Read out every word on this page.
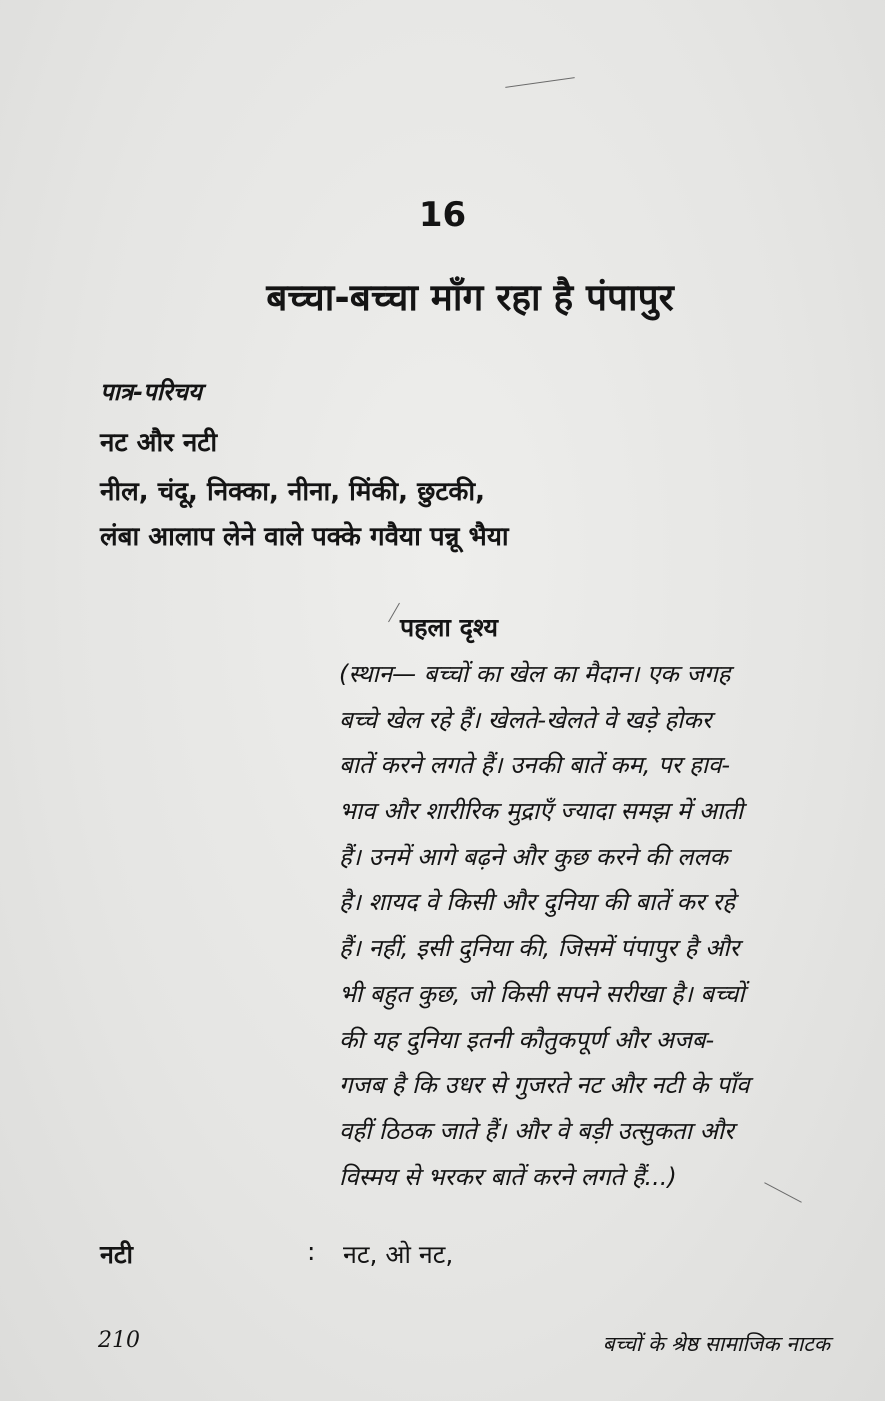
16
बच्चा-बच्चा माँग रहा है पंपापुर
पात्र-परिचय
नट और नटी
नील, चंदू, निक्का, नीना, मिंकी, छुटकी,
लंबा आलाप लेने वाले पक्के गवैया पन्नू भैया
पहला दृश्य
(स्थान— बच्चों का खेल का मैदान। एक जगह
बच्चे खेल रहे हैं। खेलते-खेलते वे खड़े होकर
बातें करने लगते हैं। उनकी बातें कम, पर हाव-
भाव और शारीरिक मुद्राएँ ज्यादा समझ में आती
हैं। उनमें आगे बढ़ने और कुछ करने की ललक
है। शायद वे किसी और दुनिया की बातें कर रहे
हैं। नहीं, इसी दुनिया की, जिसमें पंपापुर है और
भी बहुत कुछ, जो किसी सपने सरीखा है। बच्चों
की यह दुनिया इतनी कौतुकपूर्ण और अजब-
गजब है कि उधर से गुजरते नट और नटी के पाँव
वहीं ठिठक जाते हैं। और वे बड़ी उत्सुकता और
विस्मय से भरकर बातें करने लगते हैं...)
नटी	: नट, ओ नट,
210	बच्चों के श्रेष्ठ सामाजिक नाटक
